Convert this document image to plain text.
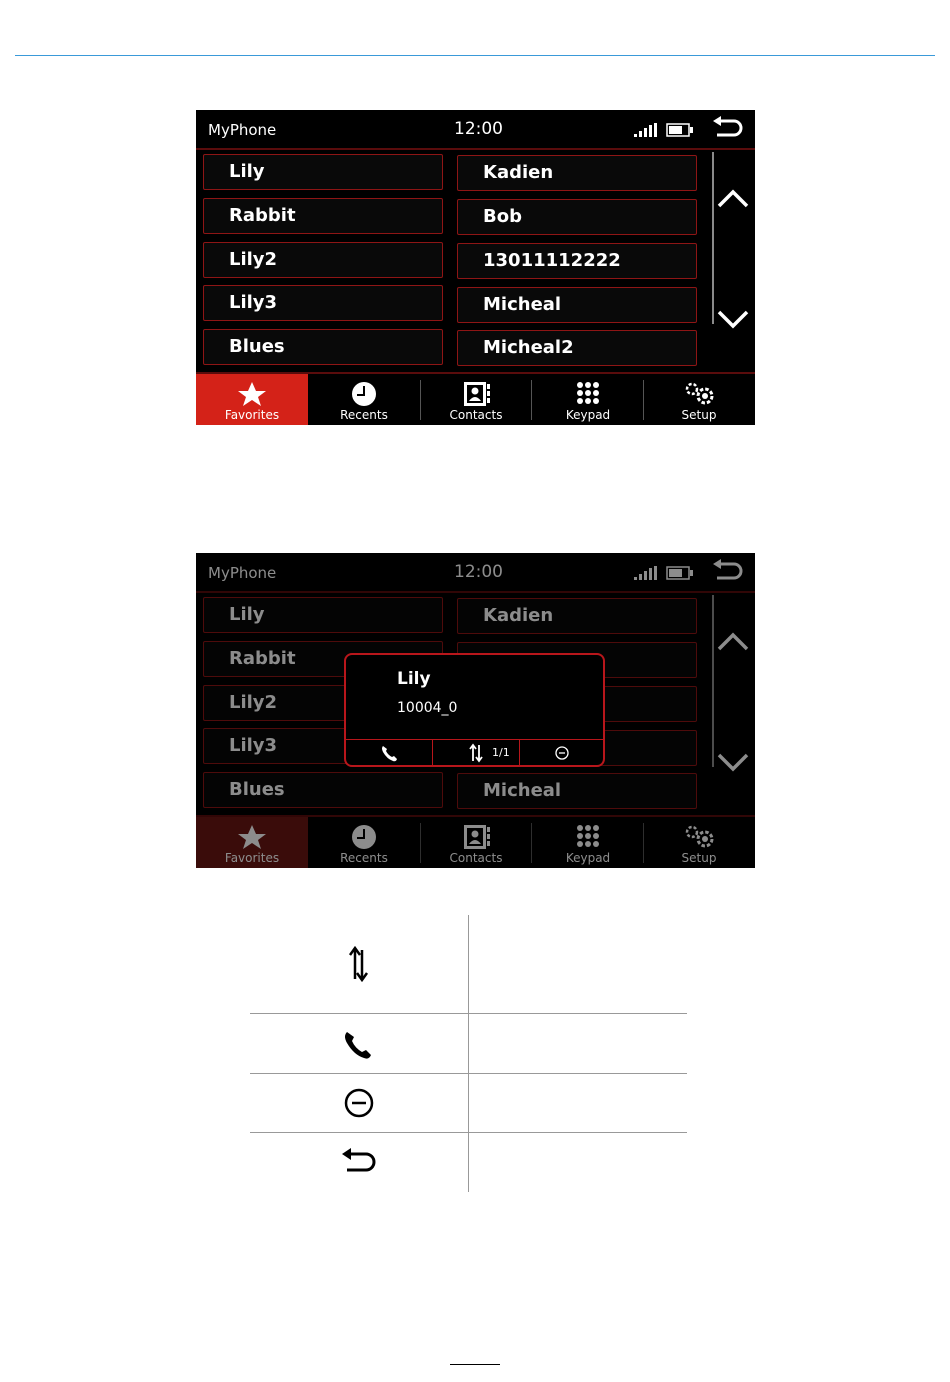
MyPhone	12:00
Lily
Rabbit
Lily2
Lily3
Blues
Kadien
Bob
13011112222
Micheal
Micheal2
Favorites	Recents	Contacts	Keypad	Setup
MyPhone	12:00
Lily
Rabbit
Lily2
Lily3
Blues
Kadien
Micheal
Favorites	Recents	Contacts	Keypad	Setup
Lily
10004_0
1/1
